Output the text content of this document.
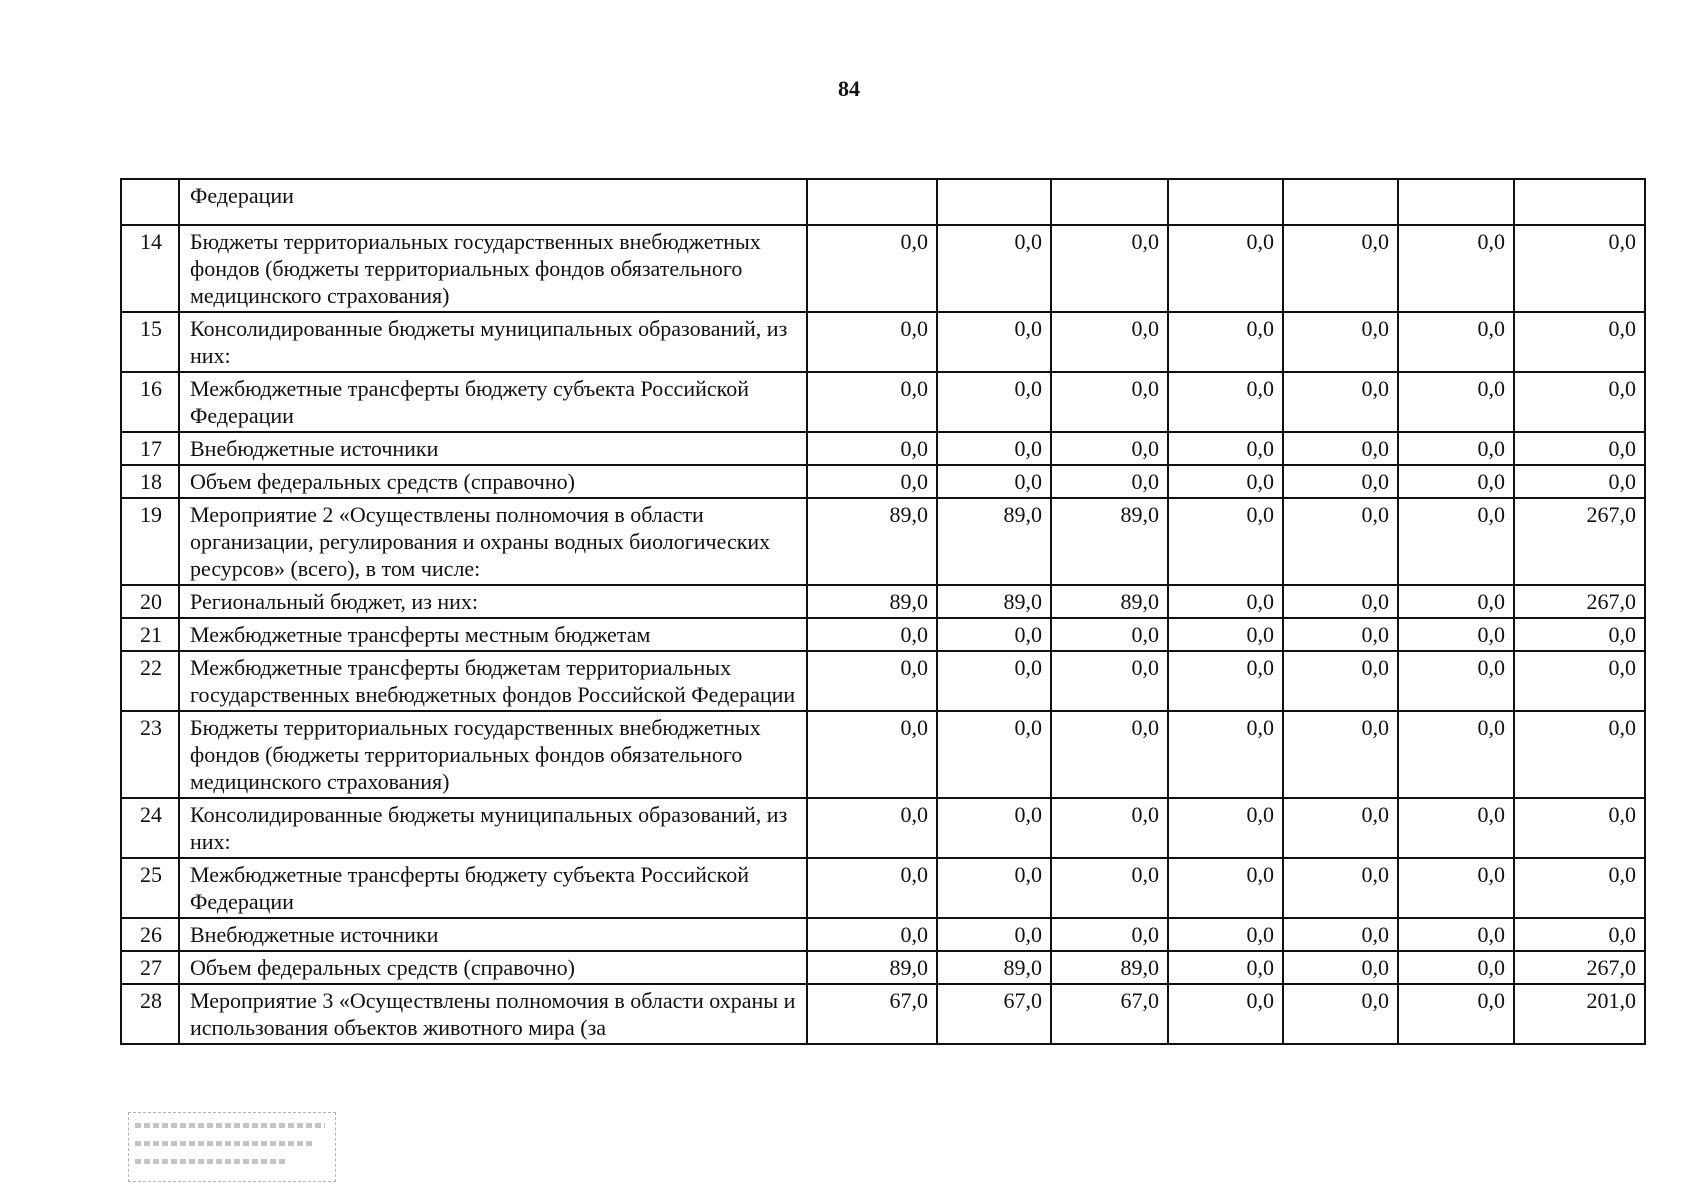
84
	Федерации							
14	Бюджеты территориальных государственных внебюджетных фондов (бюджеты территориальных фондов обязательного медицинского страхования)	0,0	0,0	0,0	0,0	0,0	0,0	0,0
15	Консолидированные бюджеты муниципальных образований, из них:	0,0	0,0	0,0	0,0	0,0	0,0	0,0
16	Межбюджетные трансферты бюджету субъекта Российской Федерации	0,0	0,0	0,0	0,0	0,0	0,0	0,0
17	Внебюджетные источники	0,0	0,0	0,0	0,0	0,0	0,0	0,0
18	Объем федеральных средств (справочно)	0,0	0,0	0,0	0,0	0,0	0,0	0,0
19	Мероприятие 2 «Осуществлены полномочия в области организации, регулирования и охраны водных биологических ресурсов» (всего), в том числе:	89,0	89,0	89,0	0,0	0,0	0,0	267,0
20	Региональный бюджет, из них:	89,0	89,0	89,0	0,0	0,0	0,0	267,0
21	Межбюджетные трансферты местным бюджетам	0,0	0,0	0,0	0,0	0,0	0,0	0,0
22	Межбюджетные трансферты бюджетам территориальных государственных внебюджетных фондов Российской Федерации	0,0	0,0	0,0	0,0	0,0	0,0	0,0
23	Бюджеты территориальных государственных внебюджетных фондов (бюджеты территориальных фондов обязательного медицинского страхования)	0,0	0,0	0,0	0,0	0,0	0,0	0,0
24	Консолидированные бюджеты муниципальных образований, из них:	0,0	0,0	0,0	0,0	0,0	0,0	0,0
25	Межбюджетные трансферты бюджету субъекта Российской Федерации	0,0	0,0	0,0	0,0	0,0	0,0	0,0
26	Внебюджетные источники	0,0	0,0	0,0	0,0	0,0	0,0	0,0
27	Объем федеральных средств (справочно)	89,0	89,0	89,0	0,0	0,0	0,0	267,0
28	Мероприятие 3 «Осуществлены полномочия в области охраны и использования объектов животного мира (за	67,0	67,0	67,0	0,0	0,0	0,0	201,0
